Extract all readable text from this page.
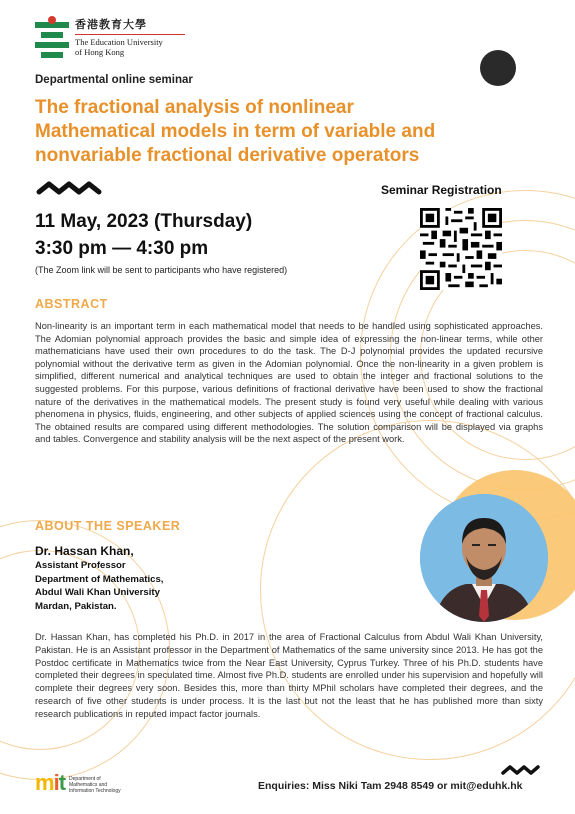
香港教育大學
The Education University
of Hong Kong
Departmental online seminar
The fractional analysis of nonlinear
Mathematical models in term of variable and
nonvariable fractional derivative operators
Seminar Registration
11 May, 2023 (Thursday)
3:30 pm — 4:30 pm
(The Zoom link will be sent to participants who have registered)
ABSTRACT
Non-linearity is an important term in each mathematical model that needs to be handled using sophisticated approaches. The Adomian polynomial approach provides the basic and simple idea of expressing the non-linear terms, while other mathematicians have used their own procedures to do the task. The D-J polynomial provides the updated recursive polynomial without the derivative term as given in the Adomian polynomial. Once the non-linearity in a given problem is simplified, different numerical and analytical techniques are used to obtain the integer and fractional solutions to the suggested problems. For this purpose, various definitions of fractional derivative have been used to show the fractional nature of the derivatives in the mathematical models. The present study is found very useful while dealing with various phenomena in physics, fluids, engineering, and other subjects of applied sciences using the concept of fractional calculus. The obtained results are compared using different methodologies. The solution comparison will be displayed via graphs and tables. Convergence and stability analysis will be the next aspect of the present work.
ABOUT THE SPEAKER
Dr. Hassan Khan,
Assistant Professor
Department of Mathematics,
Abdul Wali Khan University
Mardan, Pakistan.
Dr. Hassan Khan, has completed his Ph.D. in 2017 in the area of Fractional Calculus from Abdul Wali Khan University, Pakistan. He is an Assistant professor in the Department of Mathematics of the same university since 2013. He has got the Postdoc certificate in Mathematics twice from the Near East University, Cyprus Turkey. Three of his Ph.D. students have completed their degrees in speculated time. Almost five Ph.D. students are enrolled under his supervision and hopefully will complete their degrees very soon. Besides this, more than thirty MPhil scholars have completed their degrees, and the research of five other students is under process. It is the last but not the least that he has published more than sixty research publications in reputed impact factor journals.
mit Department of
Mathematics and
Information Technology	Enquiries: Miss Niki Tam 2948 8549 or mit@eduhk.hk
